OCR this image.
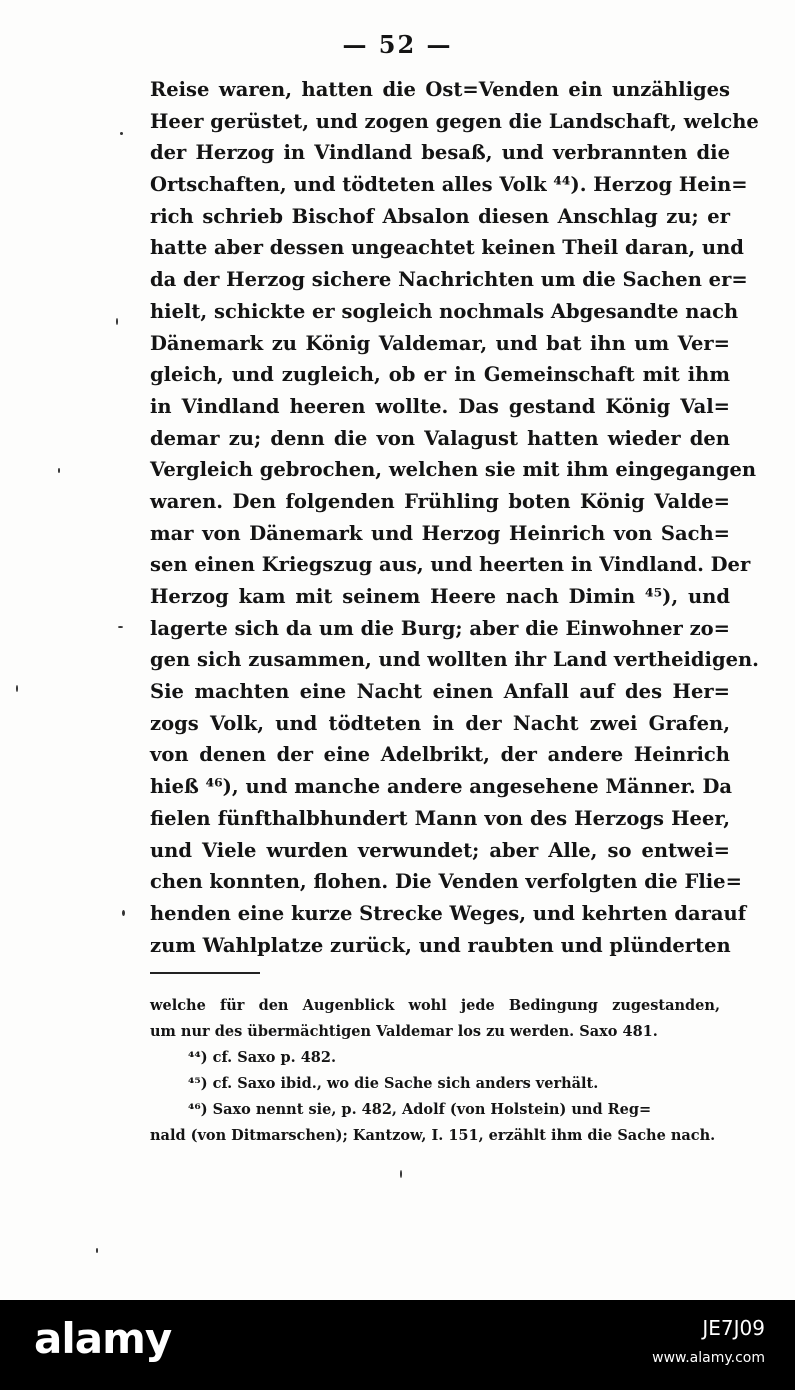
— 52 —
Reise waren, hatten die Ost=Venden ein unzähliges
Heer gerüstet, und zogen gegen die Landschaft, welche
der Herzog in Vindland besaß, und verbrannten die
Ortschaften, und tödteten alles Volk ⁴⁴). Herzog Hein=
rich schrieb Bischof Absalon diesen Anschlag zu; er
hatte aber dessen ungeachtet keinen Theil daran, und
da der Herzog sichere Nachrichten um die Sachen er=
hielt, schickte er sogleich nochmals Abgesandte nach
Dänemark zu König Valdemar, und bat ihn um Ver=
gleich, und zugleich, ob er in Gemeinschaft mit ihm
in Vindland heeren wollte. Das gestand König Val=
demar zu; denn die von Valagust hatten wieder den
Vergleich gebrochen, welchen sie mit ihm eingegangen
waren. Den folgenden Frühling boten König Valde=
mar von Dänemark und Herzog Heinrich von Sach=
sen einen Kriegszug aus, und heerten in Vindland. Der
Herzog kam mit seinem Heere nach Dimin ⁴⁵), und
lagerte sich da um die Burg; aber die Einwohner zo=
gen sich zusammen, und wollten ihr Land vertheidigen.
Sie machten eine Nacht einen Anfall auf des Her=
zogs Volk, und tödteten in der Nacht zwei Grafen,
von denen der eine Adelbrikt, der andere Heinrich
hieß ⁴⁶), und manche andere angesehene Männer. Da
fielen fünfthalbhundert Mann von des Herzogs Heer,
und Viele wurden verwundet; aber Alle, so entwei=
chen konnten, flohen. Die Venden verfolgten die Flie=
henden eine kurze Strecke Weges, und kehrten darauf
zum Wahlplatze zurück, und raubten und plünderten
welche für den Augenblick wohl jede Bedingung zugestanden,
um nur des übermächtigen Valdemar los zu werden. Saxo 481.
⁴⁴) cf. Saxo p. 482.
⁴⁵) cf. Saxo ibid., wo die Sache sich anders verhält.
⁴⁶) Saxo nennt sie, p. 482, Adolf (von Holstein) und Reg=
nald (von Ditmarschen); Kantzow, I. 151, erzählt ihm die Sache nach.
alamy	JE7J09
www.alamy.com
